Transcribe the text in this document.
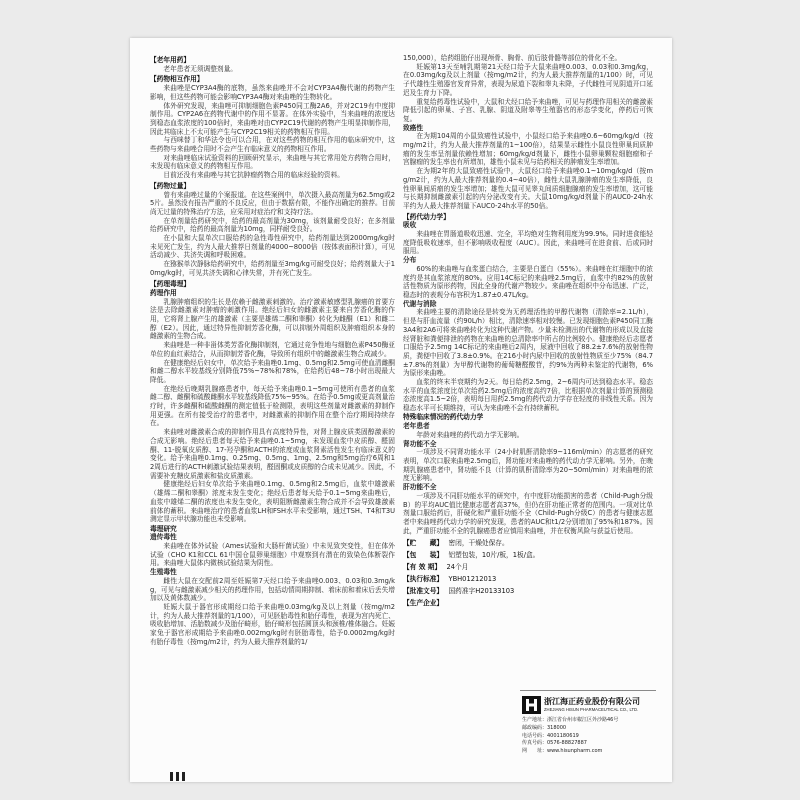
【老年用药】
老年患者无须调整剂量。
【药物相互作用】
来曲唑是CYP3A4酶的底物，虽然来曲唑并不会对CYP3A4酶代谢的药物产生影响，但这些药物可能会影响CYP3A4酶对来曲唑的生物转化。
体外研究发现，来曲唑可抑制细胞色素P450同工酶2A6，并对2C19有中度抑制作用。CYP2A6在药物代谢中的作用不显著。在体外实验中，当来曲唑的浓度达到稳态血浆浓度的100倍时，来曲唑对由CYP2C19代谢的药物产生明显抑制作用，因此其临床上不太可能产生与CYP2C19相关的药物相互作用。
与西咪替丁和华法令也可以合用，在对这些药物的相互作用的临床研究中，这些药物与来曲唑合用时不会产生有临床意义的药物相互作用。
对来曲唑临床试验资料的回顾研究显示，来曲唑与其它常用处方药物合用时，未发现有临床意义的药物相互作用。
目前还没有来曲唑与其它抗肿瘤药物合用的临床经验的资料。
【药物过量】
曾有来曲唑过量的个案报道。在这些案例中，单次摄入最高剂量为62.5mg或25片。虽然没有报告严重的不良反应，但由于数据有限，不能作出确定的推荐。目前尚无过量的特殊治疗方法，应采用对症治疗和支持疗法。
在单剂量给药研究中，给药的最高剂量为30mg，该剂量耐受良好；在多剂量给药研究中，给药的最高剂量为10mg，同样耐受良好。
在小鼠和大鼠单次口服给药的急性毒性研究中，给药剂量达到2000mg/kg时未见死亡发生，约为人最大推荐日剂量的4000~8000倍（按体表面积计算），可见活动减少、共济失调和呼吸困难。
在猕猴单次静脉给药研究中，给药剂量至3mg/kg可耐受良好；给药剂量大于10mg/kg时，可见共济失调和心律失常，并有死亡发生。
【药理毒理】
药理作用
乳腺肿瘤组织的生长是依赖于雌激素刺激的。治疗激素敏感型乳腺癌的首要方法是去除雌激素对肿瘤的刺激作用。绝经后妇女的雌激素主要来自芳香化酶的作用，它将肾上腺产生的雄激素（主要是雄烯二酮和睾酮）转化为雌酮（E1）和雌二醇（E2）。因此，通过特异性抑制芳香化酶，可以抑制外周组织及肿瘤组织本身的雌激素的生物合成。
来曲唑是一种非甾体类芳香化酶抑制剂，它通过竞争性地与细胞色素P450酶亚单位的血红素结合，从而抑制芳香化酶，导致所有组织中的雌激素生物合成减少。
在健康绝经后妇女中，单次给予来曲唑0.1mg、0.5mg和2.5mg可使血清雌酮和雌二醇水平较基线分别降低75%~78%和78%，在给药后48~78小时出现最大降低。
在绝经后晚期乳腺癌患者中，每天给予来曲唑0.1~5mg可使所有患者的血浆雌二醇、雌酮和硫酸雌酮水平较基线降低75%~95%。在给予0.5mg或更高剂量治疗时，许多雌酮和硫酸雌酮的测定值低于检测限，表明这些剂量对雌激素的抑制作用更强。在所有接受治疗的患者中，对雌激素的抑制作用在整个治疗期间持续存在。
来曲唑对雌激素合成的抑制作用具有高度特异性，对肾上腺皮质类固醇激素的合成无影响。绝经后患者每天给予来曲唑0.1~5mg，未发现血浆中皮质醇、醛固酮、11-脱氧皮质醇、17-羟孕酮和ACTH的浓度或血浆肾素活性发生有临床意义的变化。给予来曲唑0.1mg、0.25mg、0.5mg、1mg、2.5mg和5mg治疗6周和12周后进行的ACTH刺激试验结果表明，醛固酮或皮质醇的合成未见减少。因此，不需要补充糖皮质激素和盐皮质激素。
健康绝经后妇女单次给予来曲唑0.1mg、0.5mg和2.5mg后，血浆中雄激素（雄烯二酮和睾酮）浓度未发生变化；绝经后患者每天给予0.1~5mg来曲唑后，血浆中雄烯二酮的浓度也未发生变化，表明阻断雌激素生物合成并不会导致雄激素前体的蓄积。来曲唑治疗的患者血浆LH和FSH水平未受影响，通过TSH、T4和T3U测定显示甲状腺功能也未受影响。
毒理研究
遗传毒性
来曲唑在体外试验（Ames试验和大肠杆菌试验）中未见致突变性，但在体外试验（CHO K1和CCL 61中国仓鼠卵巢细胞）中观察到有潜在的致染色体断裂作用。来曲唑大鼠体内微核试验结果为阴性。
生殖毒性
雌性大鼠在交配前2周至妊娠第7天经口给予来曲唑0.003、0.03和0.3mg/kg，可见与雌激素减少相关的药理作用，包括动情周期抑制、着床前和着床后丢失增加以及黄体数减少。
妊娠大鼠于器官形成期经口给予来曲唑0.03mg/kg及以上剂量（按mg/m2计，约为人最大推荐剂量的1/100），可见胚胎毒性和胎仔毒性，表现为宫内死亡、吸收胎增加、活胎数减少及胎仔畸形，胎仔畸形包括圆顶头和颈椎/椎体融合。妊娠家兔于器官形成期给予来曲唑0.002mg/kg时有胚胎毒性，给予0.0002mg/kg时有胎仔毒性（按mg/m2计，约为人最大推荐剂量的1/
150,000），给药组胎仔出现颅骨、胸骨、前后肢骨骼等部位的骨化不全。
妊娠第13天至哺乳期第21天经口给予大鼠来曲唑0.003、0.03和0.3mg/kg，在0.03mg/kg及以上剂量（按mg/m2计，约为人最大推荐剂量的1/100）时，可见子代雄性生殖器官发育异常，表现为尿道下裂和睾丸未降，子代雌性可见阴道开口延迟及生育力下降。
重复给药毒性试验中，大鼠和犬经口给予来曲唑，可见与药理作用相关的雌激素降低引起的卵巢、子宫、乳腺、阴道及附睾等生殖器官的形态学变化，停药后可恢复。
致癌性
在为期104周的小鼠致癌性试验中，小鼠经口给予来曲唑0.6~60mg/kg/d（按mg/m2计，约为人最大推荐剂量的1~100倍），结果显示雌性小鼠良性卵巢间质肿瘤的发生率呈剂量依赖性增加；60mg/kg/d剂量下，雌性小鼠卵巢颗粒细胞瘤和子宫腺瘤的发生率也有所增加，雄性小鼠未见与给药相关的肿瘤发生率增加。
在为期2年的大鼠致癌性试验中，大鼠经口给予来曲唑0.1~10mg/kg/d（按mg/m2计，约为人最大推荐剂量的0.4~40倍），雌性大鼠乳腺肿瘤的发生率降低，良性卵巢间质瘤的发生率增加；雄性大鼠可见睾丸间质细胞腺瘤的发生率增加，这可能与长期抑制雌激素引起的内分泌改变有关。大鼠10mg/kg/d剂量下的AUC0-24h水平约为人最大推荐剂量下AUC0-24h水平的50倍。
【药代动力学】
吸收
来曲唑在胃肠道吸收迅速、完全，平均绝对生物利用度为99.9%。同时进食能轻度降低吸收速率，但不影响吸收程度（AUC）。因此，来曲唑可在进食前、后或同时服用。
分布
60%的来曲唑与血浆蛋白结合，主要是白蛋白（55%）。来曲唑在红细胞中的浓度约是其血浆浓度的80%。应用14C标记的来曲唑2.5mg后，血浆中约82%的放射活性物质为原形药物，因此全身的代谢产物较少。来曲唑在组织中分布迅速、广泛，稳态时的表观分布容积为1.87±0.47L/kg。
代谢与消除
来曲唑主要的清除途径是转变为无药理活性的甲醇代谢物（清除率=2.1L/h），但是与肝血流量（约90L/h）相比，清除速率相对较慢。已发现细胞色素P450同工酶3A4和2A6可将来曲唑转化为这种代谢产物。少量未检测出的代谢物的形成以及直接经肾脏和粪便排泄的药物在来曲唑的总清除率中所占的比例较小。健康绝经后志愿者口服给予2.5mg 14C标记的来曲唑后2周内，尿液中回收了88.2±7.6%的放射性物质，粪便中回收了3.8±0.9%。在216小时内尿中回收的放射性物质至少75%（84.7±7.8%的剂量）为甲醇代谢物的葡萄糖醛酸苷，约9%为两种未鉴定的代谢物，6%为原形来曲唑。
血浆的终末半衰期约为2天。每日给药2.5mg，2~6周内可达到稳态水平。稳态水平的血浆浓度比单次给药2.5mg后的浓度高约7倍，比根据单次剂量计算的预测稳态浓度高1.5~2倍，表明每日用药2.5mg的药代动力学存在轻度的非线性关系。因为稳态水平可长期维持，可认为来曲唑不会有持续蓄积。
特殊临床情况的药代动力学
老年患者
年龄对来曲唑的药代动力学无影响。
肾功能不全
一项涉及不同肾功能水平（24小时肌酐清除率9~116ml/min）的志愿者的研究表明，单次口服来曲唑2.5mg后，肾功能对来曲唑的药代动力学无影响。另外，在晚期乳腺癌患者中，肾功能不良（计算的肌酐清除率为20~50ml/min）对来曲唑的浓度无影响。
肝功能不全
一项涉及不同肝功能水平的研究中，有中度肝功能损害的患者（Child-Pugh分级B）的平均AUC值比健康志愿者高37%，但仍在肝功能正常者的范围内。一项对比单剂量口服给药后，肝硬化和严重肝功能不全（Child-Pugh分级C）的患者与健康志愿者中来曲唑药代动力学的研究发现，患者的AUC和t1/2分别增加了95%和187%。因此，严重肝功能不全的乳腺癌患者应慎用来曲唑，并在权衡风险与获益后使用。
【贮　　藏】 密闭，干燥处保存。
【包　　装】 铝塑包装，10片/板，1板/盒。
【有 效 期】 24个月
【执行标准】 YBH01212013
【批准文号】 国药准字H20133103
【生产企业】
浙江海正药业股份有限公司
ZHEJIANG HISUN PHARMACEUTICAL CO., LTD.
生产地址：浙江省台州市椒江区外沙路46号
邮政编码：318000
电话号码：4001180619
传真号码：0576-88827887
网　　址：www.hisunpharm.com
